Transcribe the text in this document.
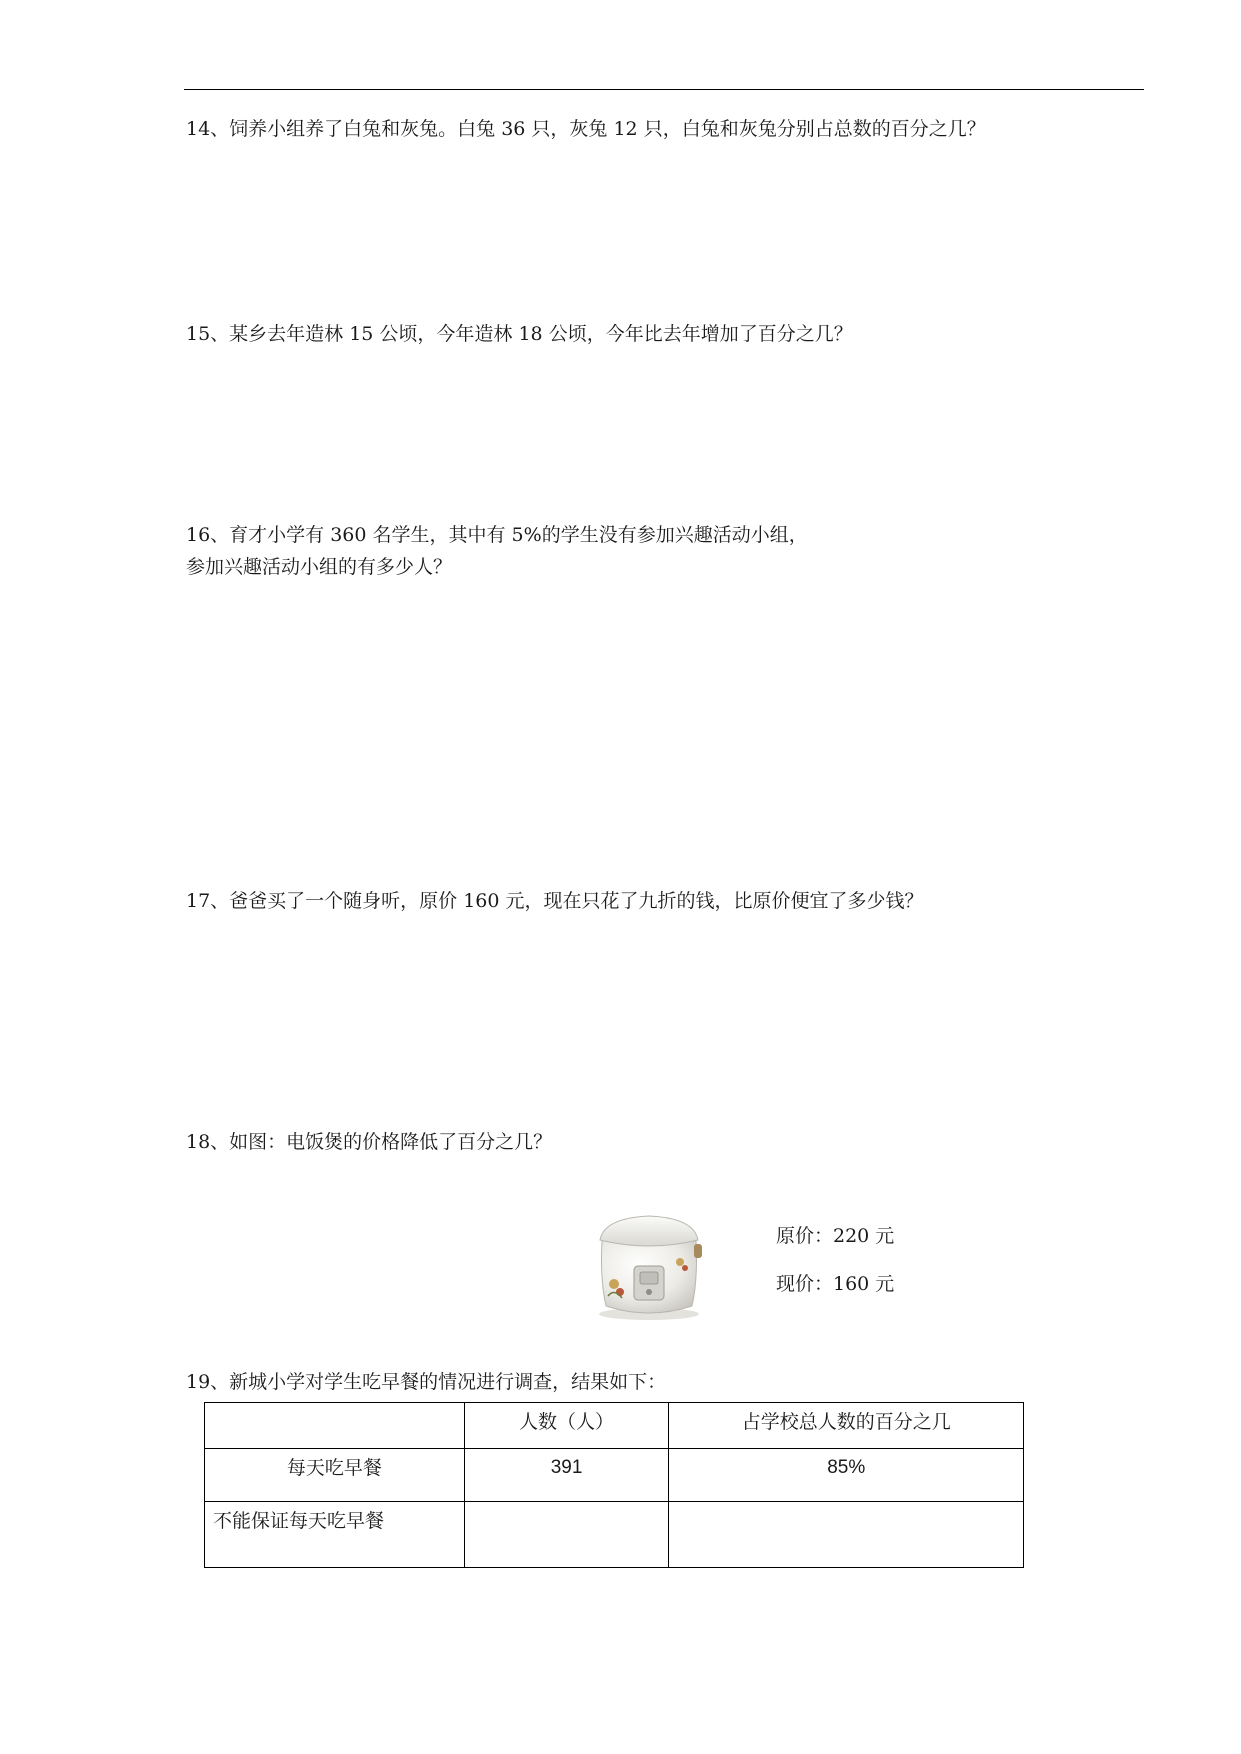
14、饲养小组养了白兔和灰兔。白兔 36 只，灰兔 12 只，白兔和灰兔分别占总数的百分之几？
15、某乡去年造林 15 公顷，今年造林 18 公顷，今年比去年增加了百分之几？
16、育才小学有 360 名学生，其中有 5%的学生没有参加兴趣活动小组，
参加兴趣活动小组的有多少人？
17、爸爸买了一个随身听，原价 160 元，现在只花了九折的钱，比原价便宜了多少钱？
18、如图：电饭煲的价格降低了百分之几？
原价：220 元
现价：160 元
19、新城小学对学生吃早餐的情况进行调查，结果如下：
	人数（人）	占学校总人数的百分之几
每天吃早餐	391	85%
不能保证每天吃早餐		
